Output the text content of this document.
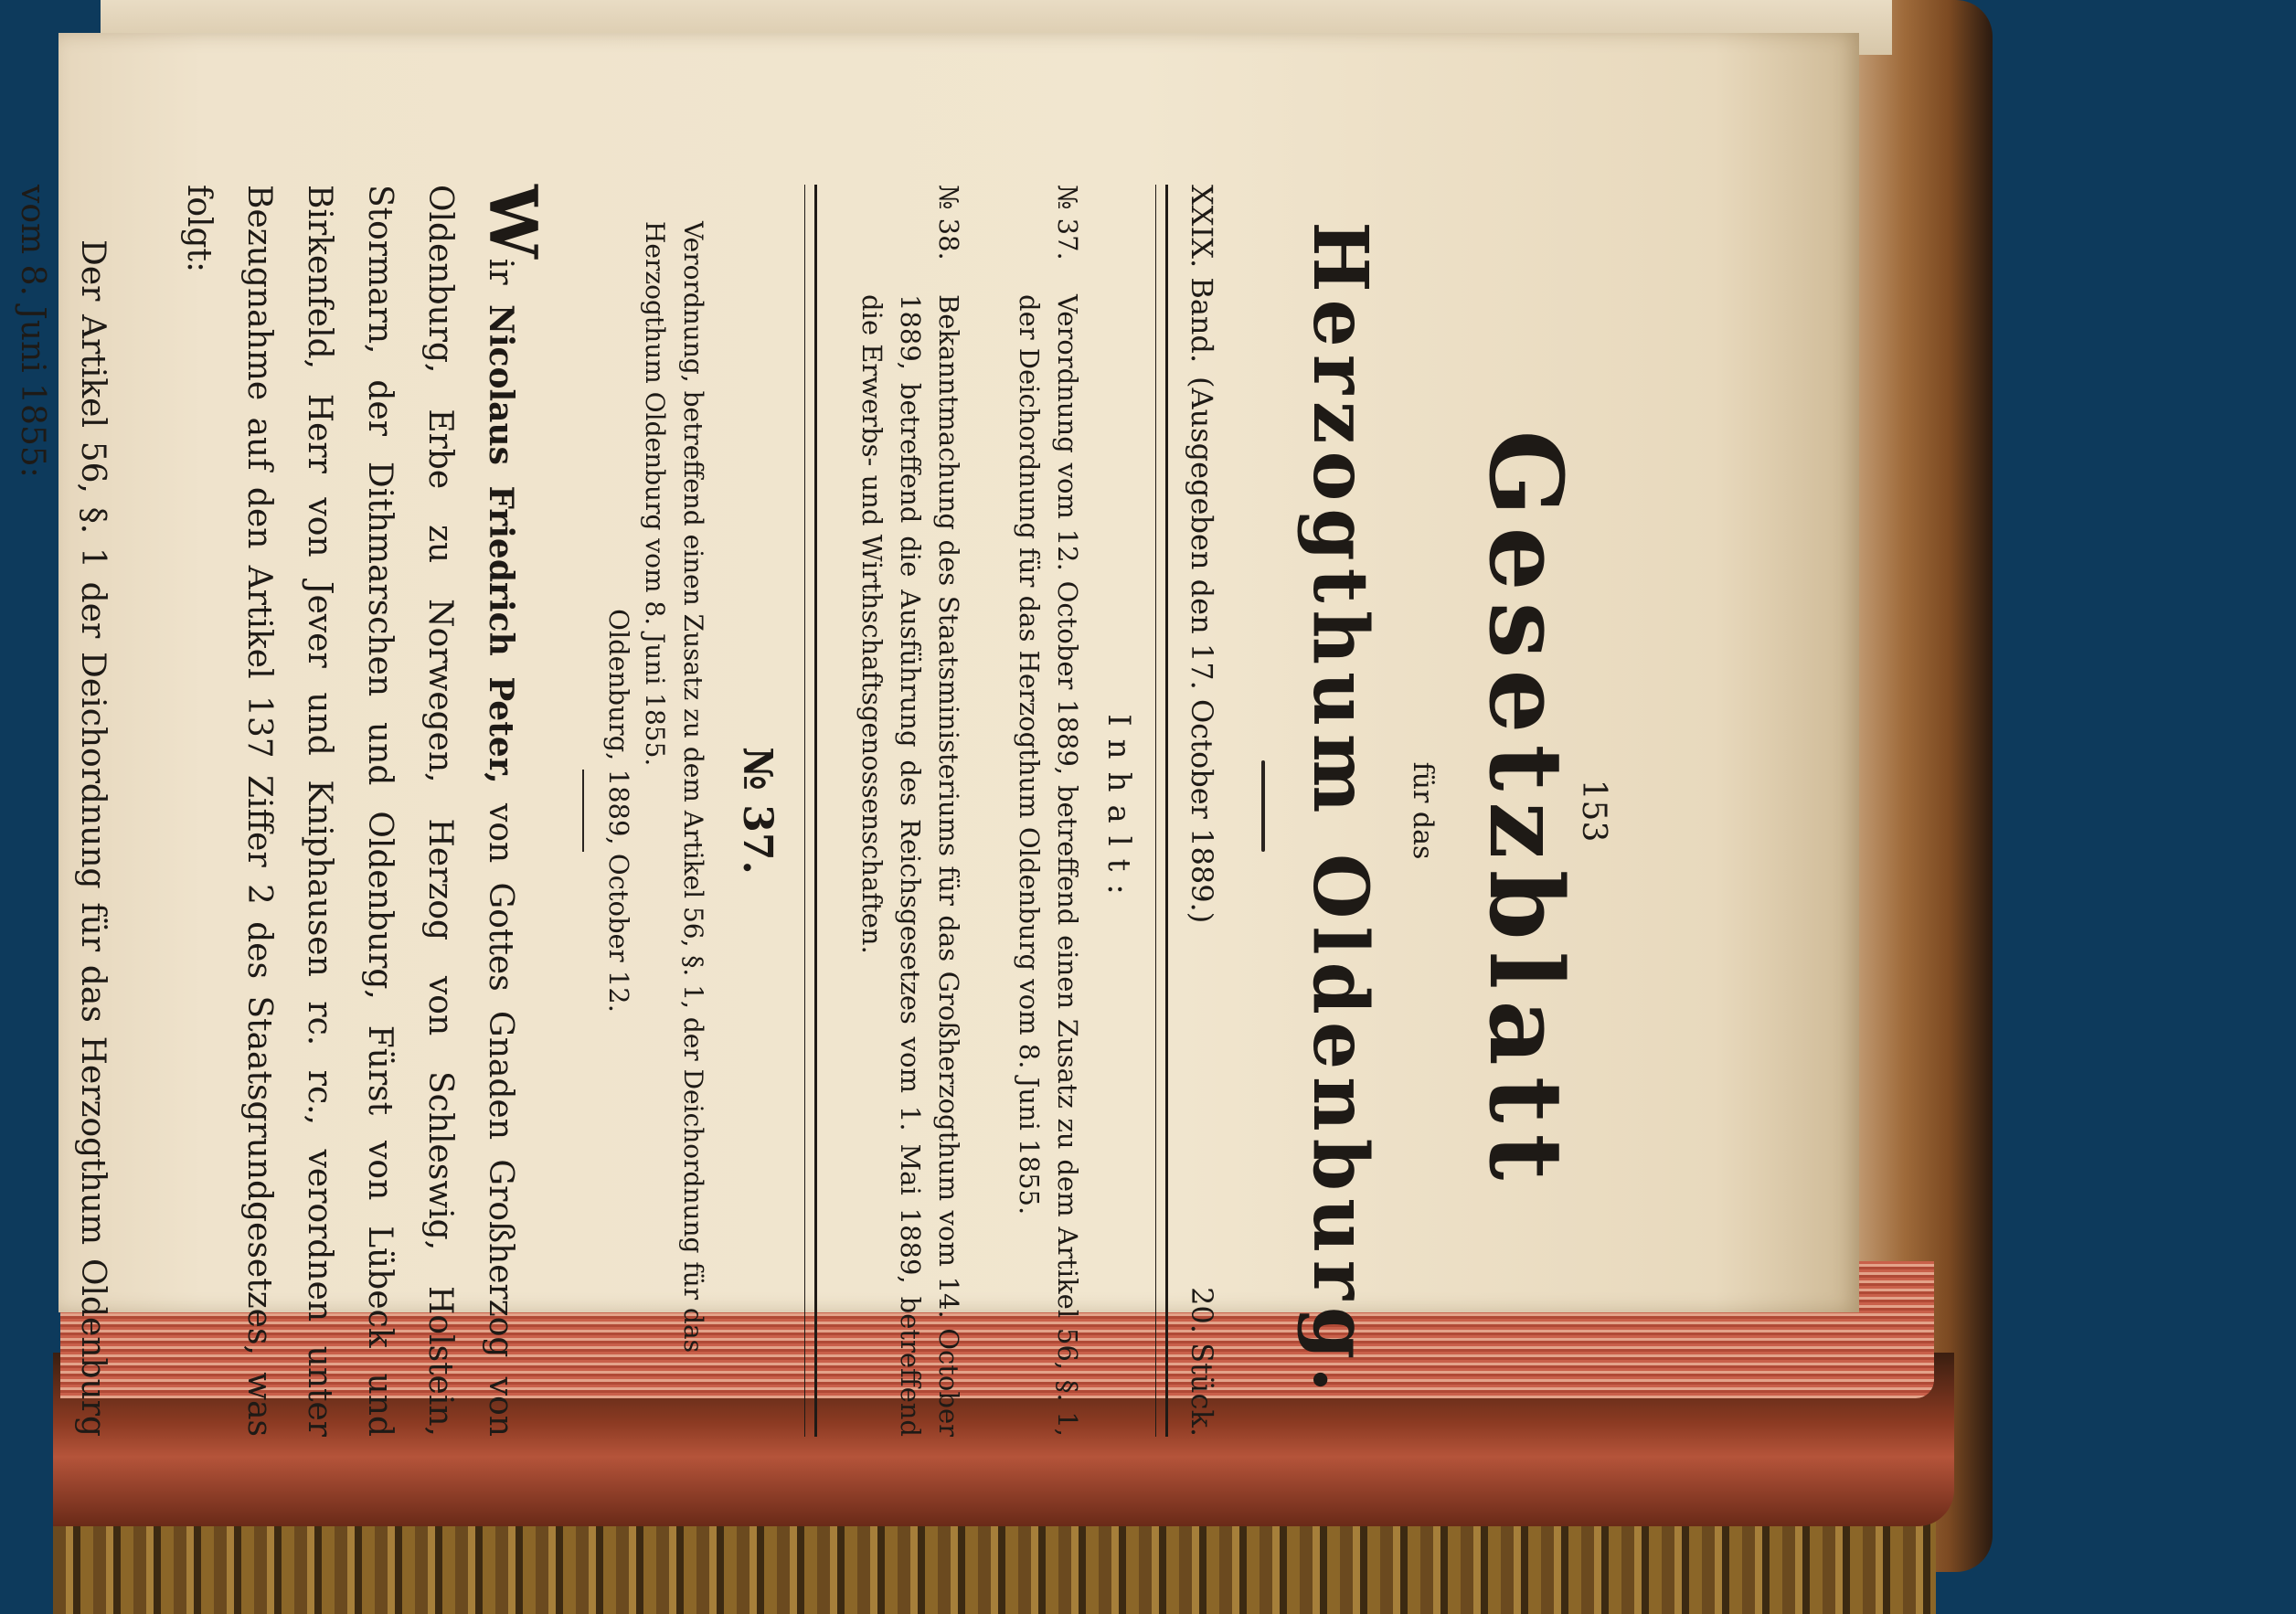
153
Gesetzblatt
für das
Herzogthum Oldenburg.
XXIX. Band.
(Ausgegeben den 17. October 1889.)
20. Stück.
Inhalt:
№ 37.
Verordnung vom 12. October 1889, betreffend einen Zusatz zu dem Artikel 56, §. 1, der Deichordnung für das Herzogthum Oldenburg vom 8. Juni 1855.
№ 38.
Bekanntmachung des Staatsministeriums für das Großherzogthum vom 14. October 1889, betreffend die Ausführung des Reichsgesetzes vom 1. Mai 1889, betreffend die Erwerbs- und Wirthschaftsgenossenschaften.
№ 37.
Verordnung, betreffend einen Zusatz zu dem Artikel 56, §. 1, der Deichordnung für das Herzogthum Oldenburg vom 8. Juni 1855.
Oldenburg, 1889, October 12.

Wir Nicolaus Friedrich Peter, von Gottes Gnaden Großherzog von Oldenburg, Erbe zu Norwegen, Herzog von Schleswig, Holstein, Stormarn, der Dithmarschen und Oldenburg, Fürst von Lübeck und Birkenfeld, Herr von Jever und Kniphausen rc. rc., verordnen unter Bezugnahme auf den Artikel 137 Ziffer 2 des Staatsgrundgesetzes, was folgt:

Der Artikel 56, §. 1 der Deichordnung für das Herzogthum Oldenburg vom 8. Juni 1855:
